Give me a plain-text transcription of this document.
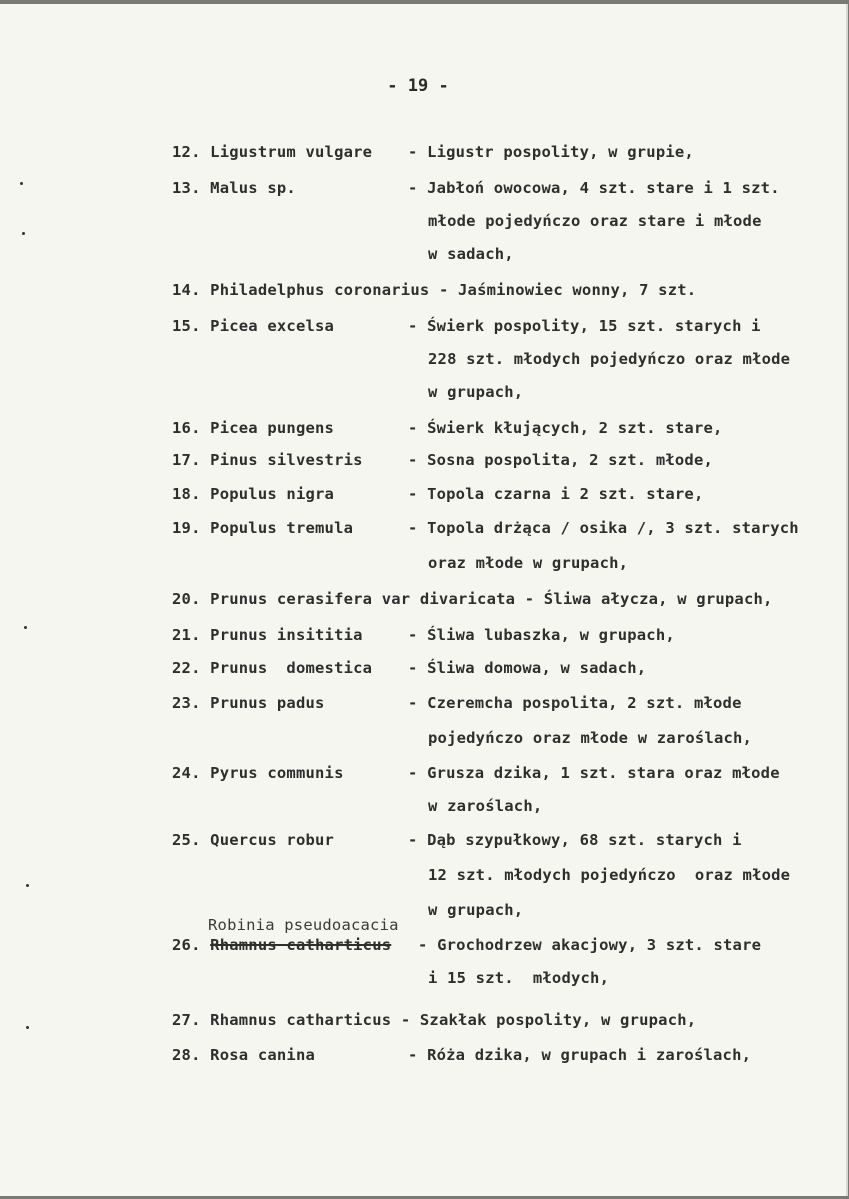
- 19 -
12. Ligustrum vulgare - Ligustr pospolity, w grupie,
13. Malus sp.	- Jabłoń owocowa, 4 szt. stare i 1 szt.
młode pojedyńczo oraz stare i młode
w sadach,
14. Philadelphus coronarius - Jaśminowiec wonny, 7 szt.
15. Picea excelsa	- Świerk pospolity, 15 szt. starych i
228 szt. młodych pojedyńczo oraz młode
w grupach,
16. Picea pungens	- Świerk kłujących, 2 szt. stare,
17. Pinus silvestris	- Sosna pospolita, 2 szt. młode,
18. Populus nigra	- Topola czarna i 2 szt. stare,
19. Populus tremula	- Topola drżąca / osika /, 3 szt. starych
oraz młode w grupach,
20. Prunus cerasifera var divaricata - Śliwa ałycza, w grupach,
21. Prunus insititia	- Śliwa lubaszka, w grupach,
22. Prunus  domestica - Śliwa domowa, w sadach,
23. Prunus padus	- Czeremcha pospolita, 2 szt. młode
pojedyńczo oraz młode w zaroślach,
24. Pyrus communis	- Grusza dzika, 1 szt. stara oraz młode
w zaroślach,
25. Quercus robur	- Dąb szypułkowy, 68 szt. starych i
12 szt. młodych pojedyńczo  oraz młode
w grupach,
Robinia pseudoacacia
26. Rhamnus catharticus - Grochodrzew akacjowy, 3 szt. stare
i 15 szt.  młodych,
27. Rhamnus catharticus - Szakłak pospolity, w grupach,
28. Rosa canina	- Róża dzika, w grupach i zaroślach,
